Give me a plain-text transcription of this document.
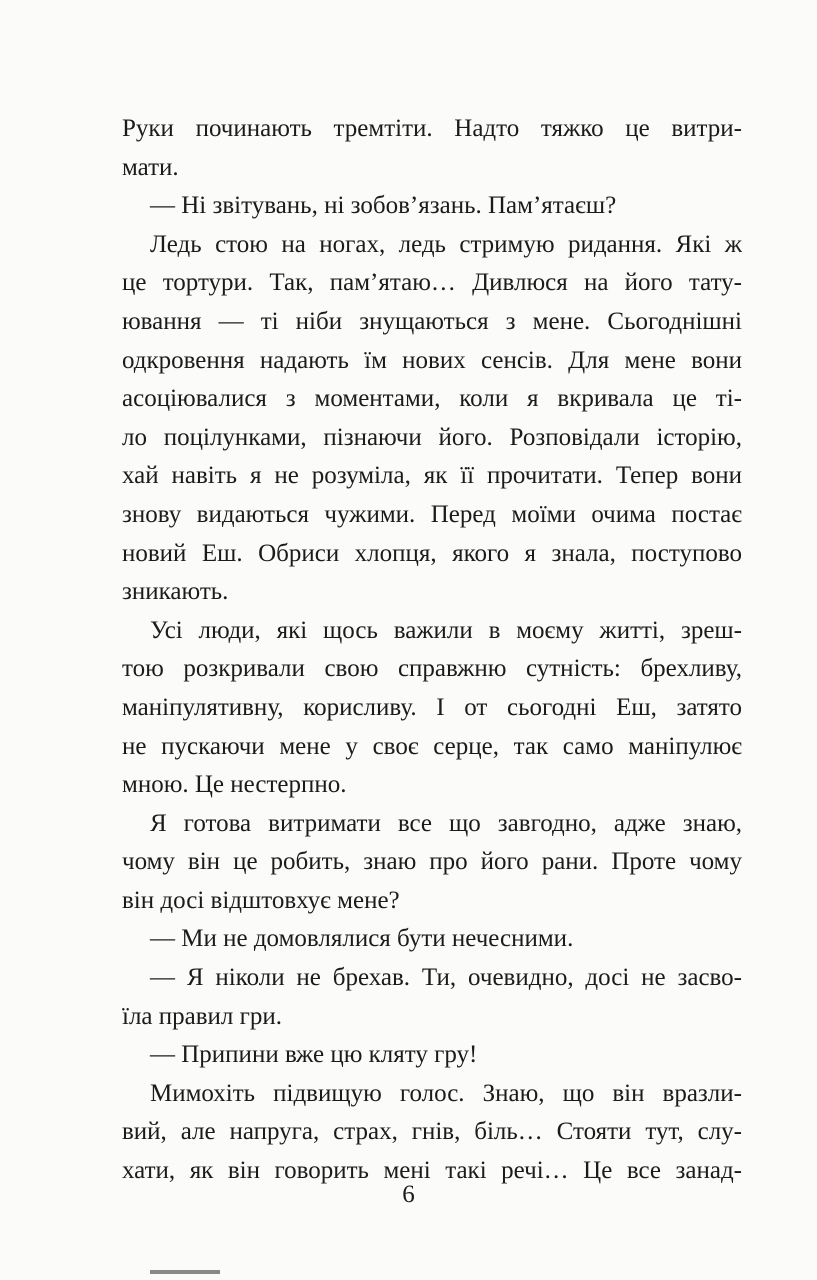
Руки починають тремтіти. Надто тяжко це витри-
мати.
— Ні звітувань, ні зобов’язань. Пам’ятаєш?
Ледь стою на ногах, ледь стримую ридання. Які ж
це тортури. Так, пам’ятаю… Дивлюся на його тату-
ювання — ті ніби знущаються з мене. Сьогоднішні
одкровення надають їм нових сенсів. Для мене вони
асоціювалися з моментами, коли я вкривала це ті-
ло поцілунками, пізнаючи його. Розповідали історію,
хай навіть я не розуміла, як її прочитати. Тепер вони
знову видаються чужими. Перед моїми очима постає
новий Еш. Обриси хлопця, якого я знала, поступово
зникають.
Усі люди, які щось важили в моєму житті, зреш-
тою розкривали свою справжню сутність: брехливу,
маніпулятивну, корисливу. І от сьогодні Еш, затято
не пускаючи мене у своє серце, так само маніпулює
мною. Це нестерпно.
Я готова витримати все що завгодно, адже знаю,
чому він це робить, знаю про його рани. Проте чому
він досі відштовхує мене?
— Ми не домовлялися бути нечесними.
— Я ніколи не брехав. Ти, очевидно, досі не засво-
їла правил гри.
— Припини вже цю кляту гру!
Мимохіть підвищую голос. Знаю, що він вразли-
вий, але напруга, страх, гнів, біль… Стояти тут, слу-
хати, як він говорить мені такі речі… Це все занад-
6
